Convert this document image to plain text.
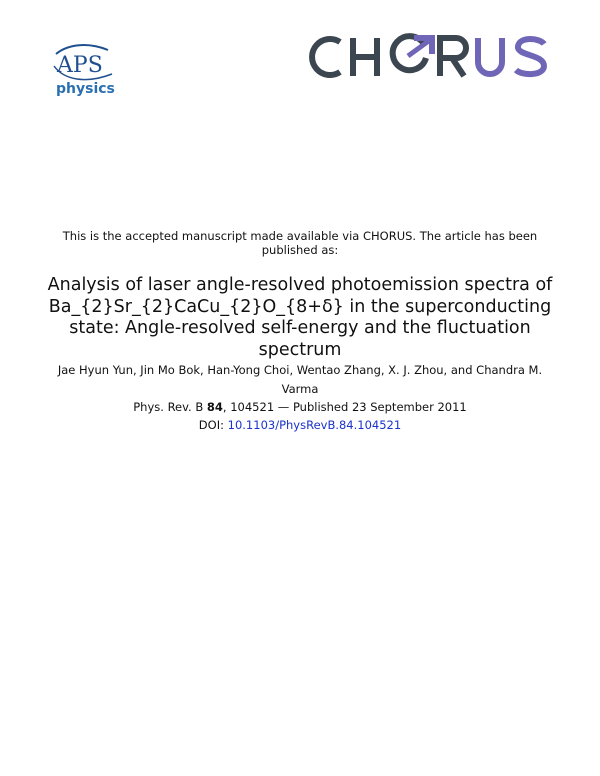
APS
physics
This is the accepted manuscript made available via CHORUS. The article has been published as:
Analysis of laser angle-resolved photoemission spectra of Ba_{2}Sr_{2}CaCu_{2}O_{8+δ} in the superconducting state: Angle-resolved self-energy and the fluctuation spectrum
Jae Hyun Yun, Jin Mo Bok, Han-Yong Choi, Wentao Zhang, X. J. Zhou, and Chandra M. Varma
Phys. Rev. B 84, 104521 — Published 23 September 2011
DOI: 10.1103/PhysRevB.84.104521
